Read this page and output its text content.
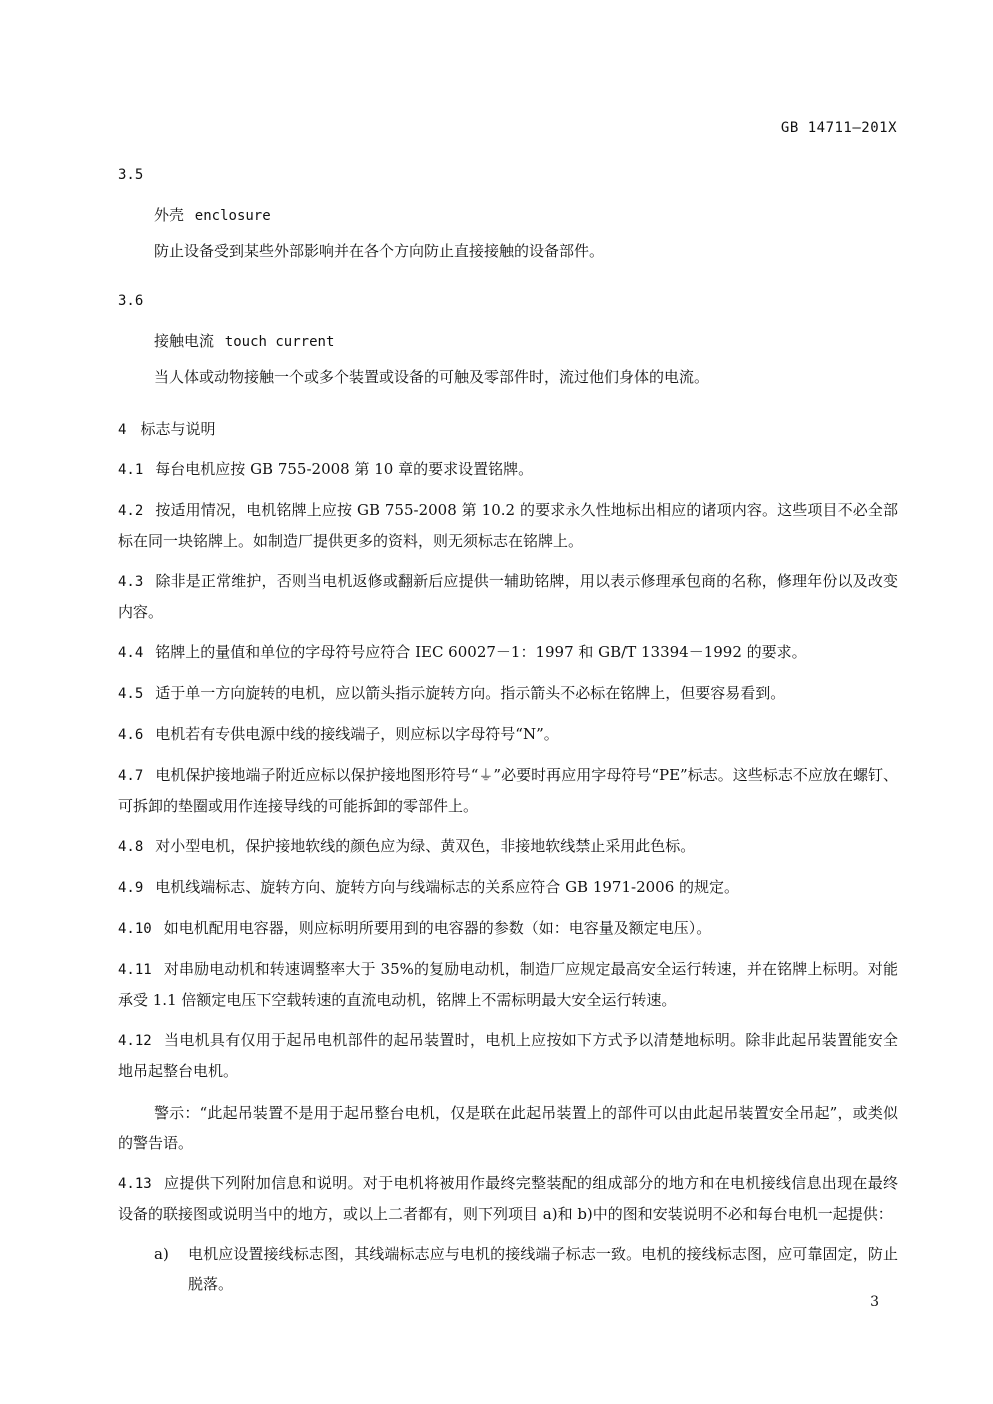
GB 14711—201X
3.5
外壳 enclosure
防止设备受到某些外部影响并在各个方向防止直接接触的设备部件。
3.6
接触电流 touch current
当人体或动物接触一个或多个装置或设备的可触及零部件时，流过他们身体的电流。
4 标志与说明
4.1 每台电机应按 GB 755-2008 第 10 章的要求设置铭牌。
4.2 按适用情况，电机铭牌上应按 GB 755-2008 第 10.2 的要求永久性地标出相应的诸项内容。这些项目不必全部标在同一块铭牌上。如制造厂提供更多的资料，则无须标志在铭牌上。
4.3 除非是正常维护，否则当电机返修或翻新后应提供一辅助铭牌，用以表示修理承包商的名称，修理年份以及改变内容。
4.4 铭牌上的量值和单位的字母符号应符合 IEC 60027－1：1997 和 GB/T 13394－1992 的要求。
4.5 适于单一方向旋转的电机，应以箭头指示旋转方向。指示箭头不必标在铭牌上，但要容易看到。
4.6 电机若有专供电源中线的接线端子，则应标以字母符号“N”。
4.7 电机保护接地端子附近应标以保护接地图形符号“⏚”必要时再应用字母符号“PE”标志。这些标志不应放在螺钉、可拆卸的垫圈或用作连接导线的可能拆卸的零部件上。
4.8 对小型电机，保护接地软线的颜色应为绿、黄双色，非接地软线禁止采用此色标。
4.9 电机线端标志、旋转方向、旋转方向与线端标志的关系应符合 GB 1971-2006 的规定。
4.10 如电机配用电容器，则应标明所要用到的电容器的参数（如：电容量及额定电压）。
4.11 对串励电动机和转速调整率大于 35%的复励电动机，制造厂应规定最高安全运行转速，并在铭牌上标明。对能承受 1.1 倍额定电压下空载转速的直流电动机，铭牌上不需标明最大安全运行转速。
4.12 当电机具有仅用于起吊电机部件的起吊装置时，电机上应按如下方式予以清楚地标明。除非此起吊装置能安全地吊起整台电机。
警示：“此起吊装置不是用于起吊整台电机，仅是联在此起吊装置上的部件可以由此起吊装置安全吊起”，或类似的警告语。
4.13 应提供下列附加信息和说明。对于电机将被用作最终完整装配的组成部分的地方和在电机接线信息出现在最终设备的联接图或说明当中的地方，或以上二者都有，则下列项目 a)和 b)中的图和安装说明不必和每台电机一起提供：
a) 电机应设置接线标志图，其线端标志应与电机的接线端子标志一致。电机的接线标志图，应可靠固定，防止脱落。
3
